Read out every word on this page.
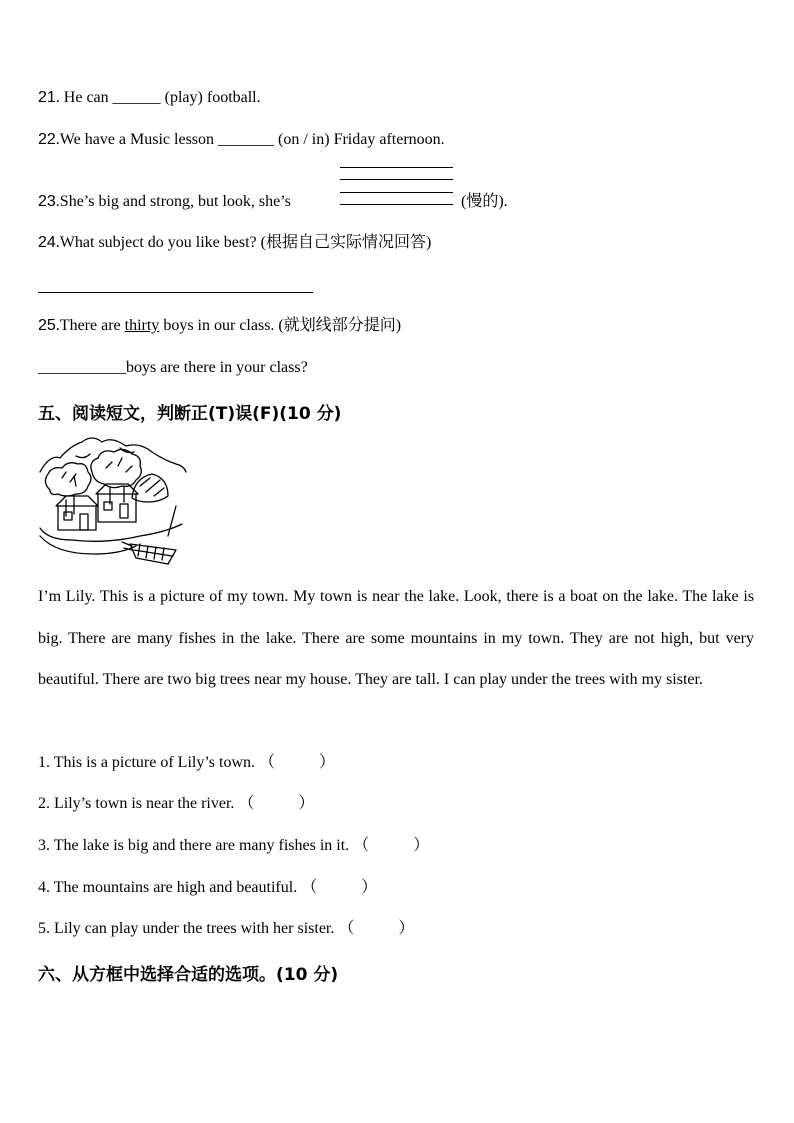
21. He can ______ (play) football.
22.We have a Music lesson _______ (on / in) Friday afternoon.
23.She’s big and strong, but look, she’s	(慢的).
24.What subject do you like best? (根据自己实际情况回答)
25.There are thirty boys in our class. (就划线部分提问)
___________boys are there in your class?
五、阅读短文，判断正(T)误(F)(10 分)
I’m Lily. This is a picture of my town. My town is near the lake. Look, there is a boat on the lake. The lake is big. There are many fishes in the lake. There are some mountains in my town. They are not high, but very beautiful. There are two big trees near my house. They are tall. I can play under the trees with my sister.
1. This is a picture of Lily’s town. （	）
2. Lily’s town is near the river. （	）
3. The lake is big and there are many fishes in it. （	）
4. The mountains are high and beautiful. （	）
5. Lily can play under the trees with her sister. （	）
六、从方框中选择合适的选项。(10 分)
